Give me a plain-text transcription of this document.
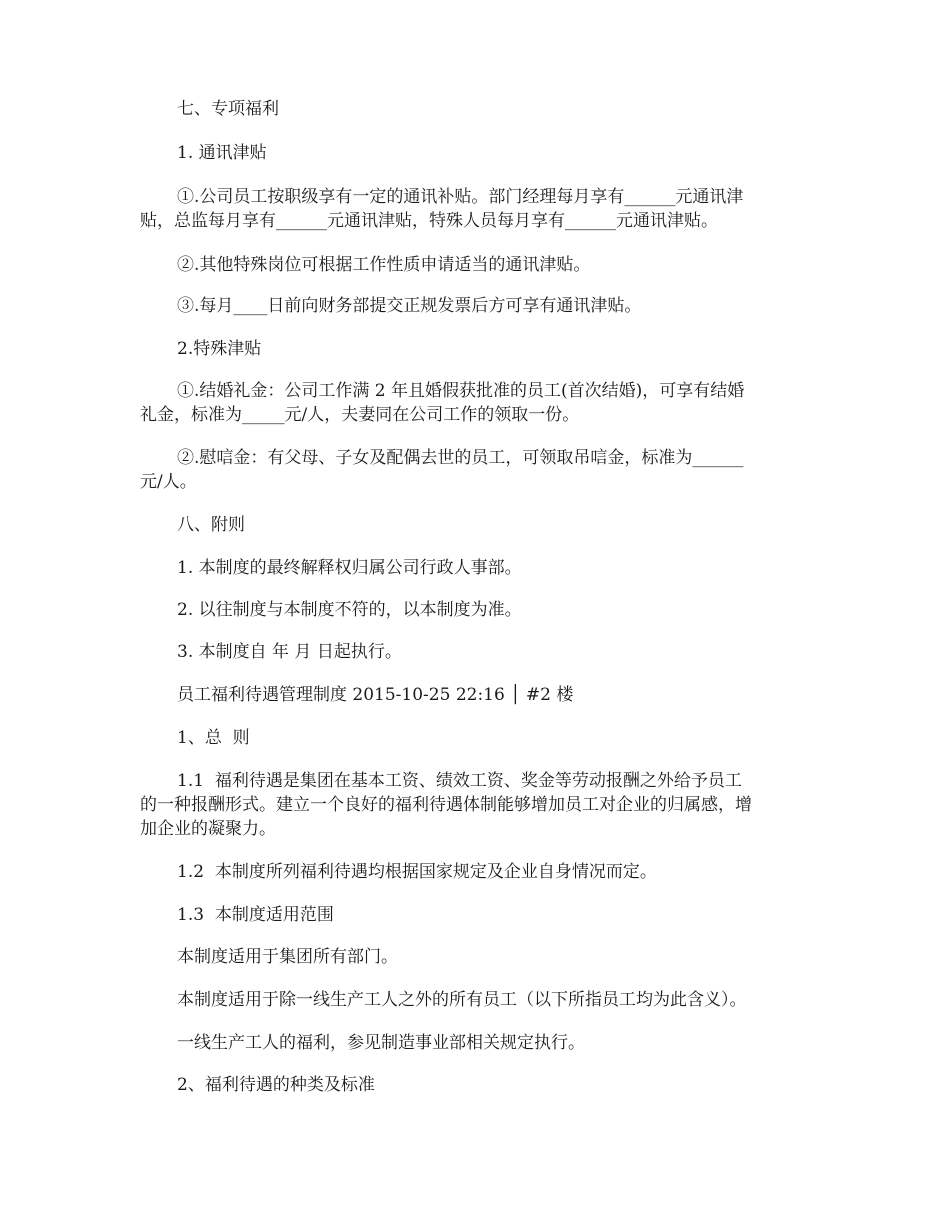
七、专项福利

1. 通讯津贴

①.公司员工按职级享有一定的通讯补贴。部门经理每月享有______元通讯津

贴，总监每月享有______元通讯津贴，特殊人员每月享有______元通讯津贴。

②.其他特殊岗位可根据工作性质申请适当的通讯津贴。

③.每月____日前向财务部提交正规发票后方可享有通讯津贴。

2.特殊津贴

①.结婚礼金：公司工作满 2 年且婚假获批准的员工(首次结婚)，可享有结婚

礼金，标准为_____元/人，夫妻同在公司工作的领取一份。

②.慰唁金：有父母、子女及配偶去世的员工，可领取吊唁金，标准为______

元/人。

八、附则

1. 本制度的最终解释权归属公司行政人事部。

2. 以往制度与本制度不符的，以本制度为准。

3. 本制度自 年 月 日起执行。

员工福利待遇管理制度 2015-10-25 22:16 │ #2 楼

1、总  则

1.1  福利待遇是集团在基本工资、绩效工资、奖金等劳动报酬之外给予员工

的一种报酬形式。建立一个良好的福利待遇体制能够增加员工对企业的归属感，增

加企业的凝聚力。

1.2  本制度所列福利待遇均根据国家规定及企业自身情况而定。

1.3  本制度适用范围

本制度适用于集团所有部门。

本制度适用于除一线生产工人之外的所有员工（以下所指员工均为此含义）。

一线生产工人的福利，参见制造事业部相关规定执行。

2、福利待遇的种类及标准
